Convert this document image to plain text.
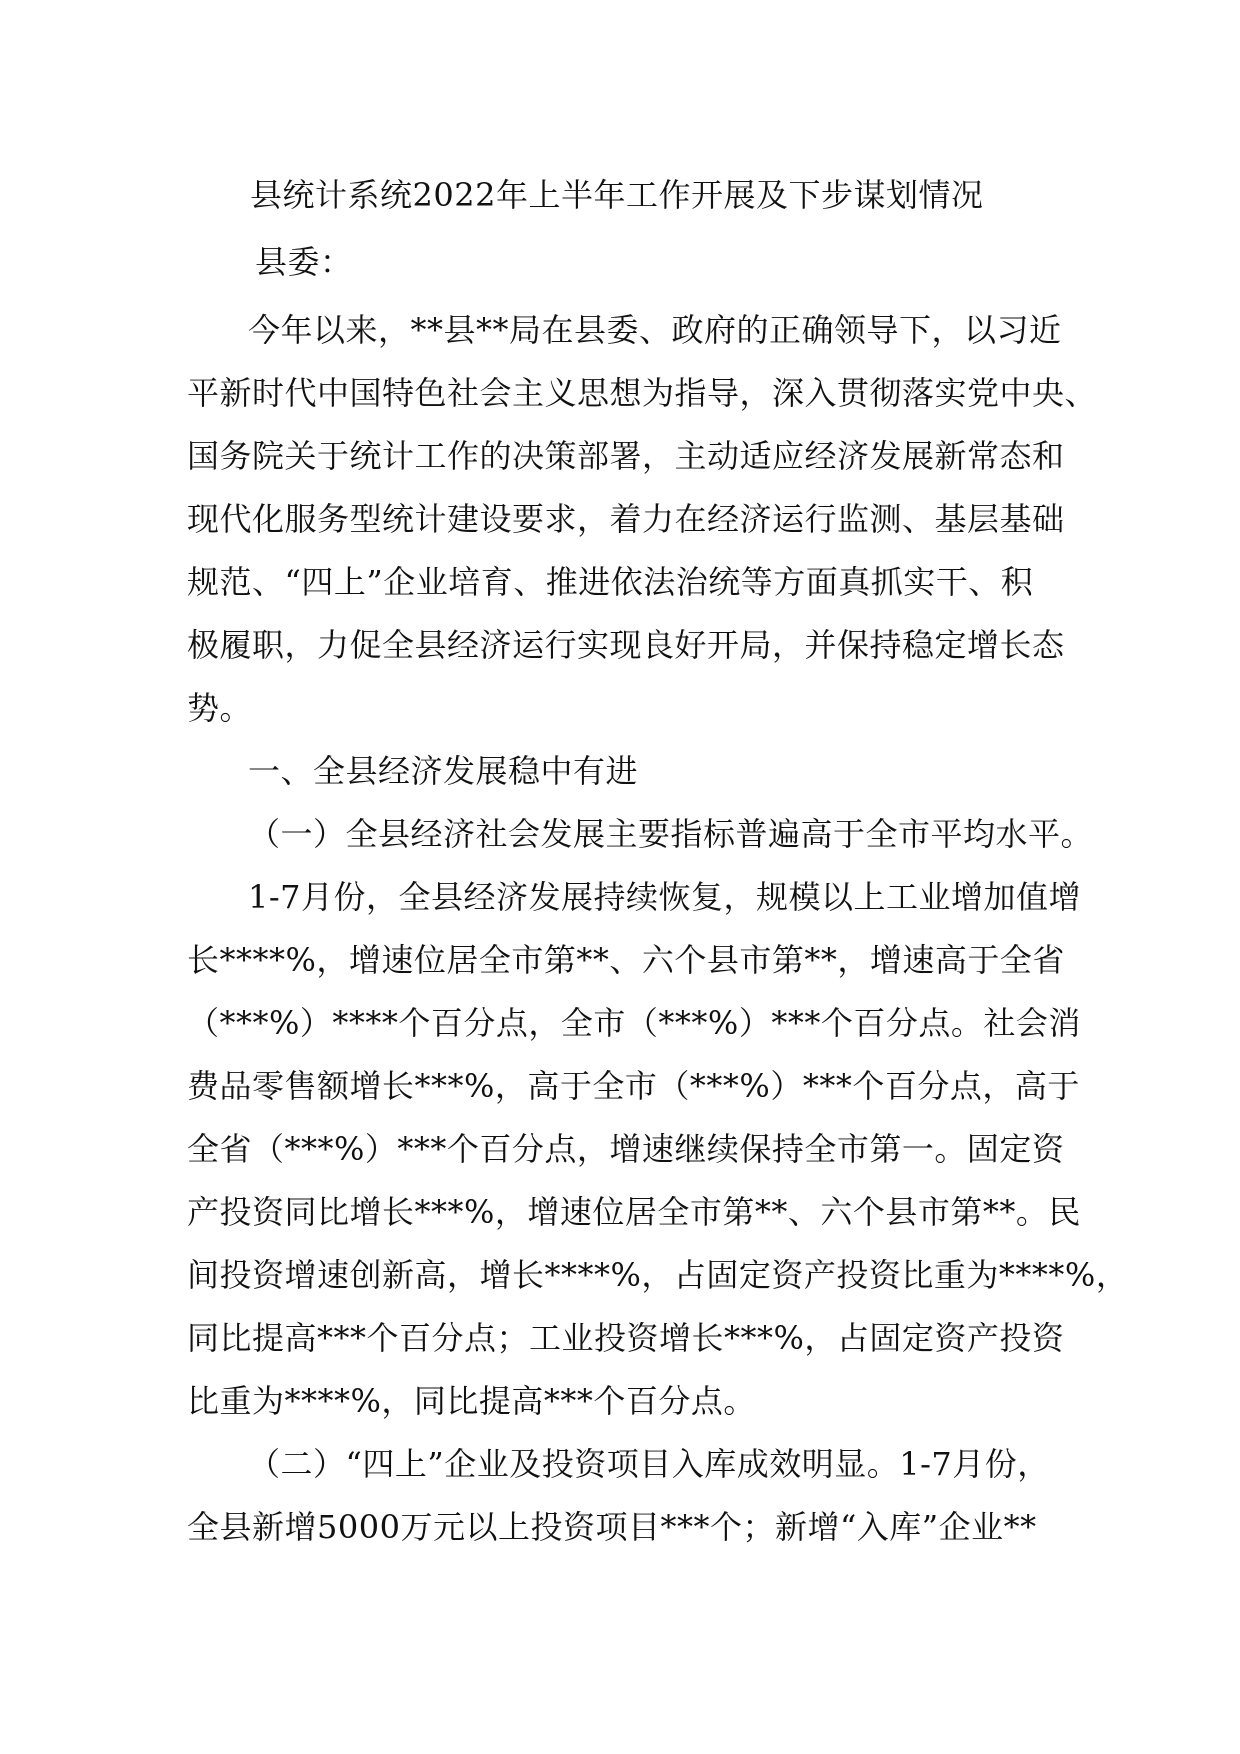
县统计系统2022年上半年工作开展及下步谋划情况
县委：
今年以来，**县**局在县委、政府的正确领导下，以习近
平新时代中国特色社会主义思想为指导，深入贯彻落实党中央、
国务院关于统计工作的决策部署，主动适应经济发展新常态和
现代化服务型统计建设要求，着力在经济运行监测、基层基础
规范、“四上”企业培育、推进依法治统等方面真抓实干、积
极履职，力促全县经济运行实现良好开局，并保持稳定增长态
势。
一、全县经济发展稳中有进
（一）全县经济社会发展主要指标普遍高于全市平均水平。
1-7月份，全县经济发展持续恢复，规模以上工业增加值增
长****%，增速位居全市第**、六个县市第**，增速高于全省
（***%）****个百分点，全市（***%）***个百分点。社会消
费品零售额增长***%，高于全市（***%）***个百分点，高于
全省（***%）***个百分点，增速继续保持全市第一。固定资
产投资同比增长***%，增速位居全市第**、六个县市第**。民
间投资增速创新高，增长****%，占固定资产投资比重为****%，
同比提高***个百分点；工业投资增长***%，占固定资产投资
比重为****%，同比提高***个百分点。
（二）“四上”企业及投资项目入库成效明显。1-7月份，
全县新增5000万元以上投资项目***个；新增“入库”企业**
